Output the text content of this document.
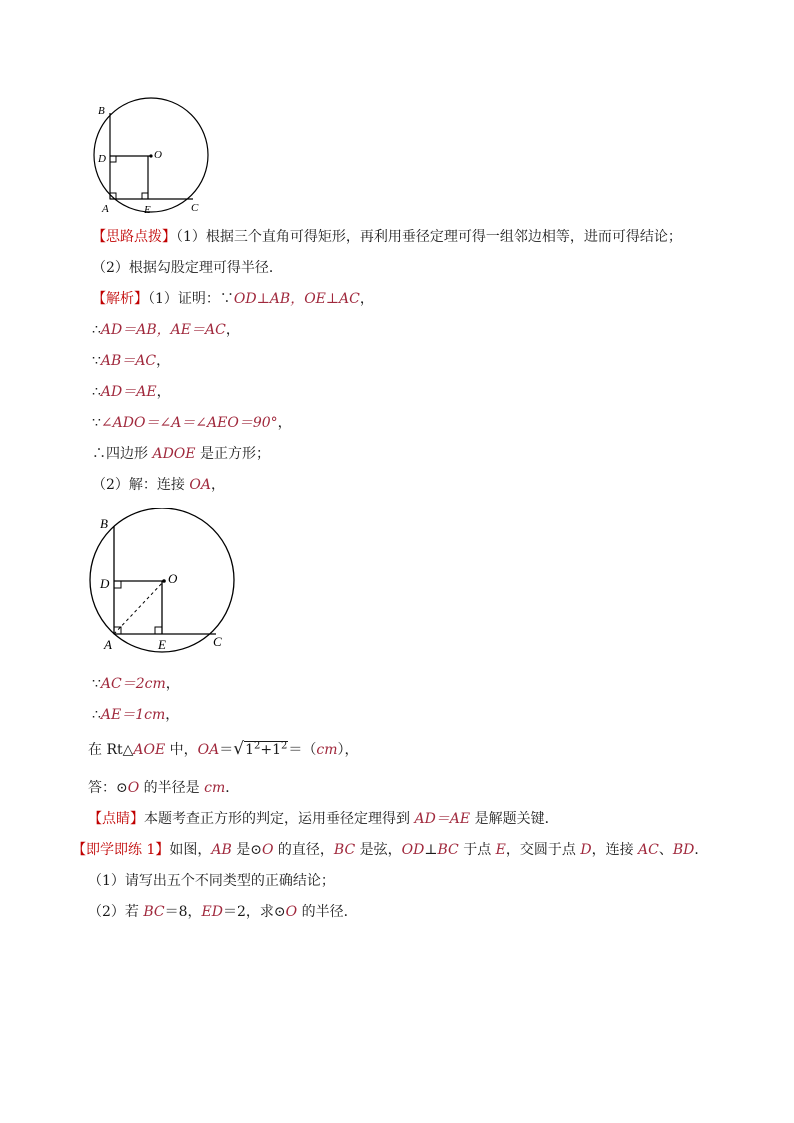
B
D	O
A	E	C
【思路点拨】（1）根据三个直角可得矩形，再利用垂径定理可得一组邻边相等，进而可得结论；
（2）根据勾股定理可得半径．
【解析】（1）证明：∵OD⊥AB，OE⊥AC，
∴AD＝AB，AE＝AC，
∵AB＝AC，
∴AD＝AE，
∵∠ADO＝∠A＝∠AEO＝90°，
∴四边形 ADOE 是正方形；
（2）解：连接 OA，
B
D	O
A	E	C
∵AC＝2cm，
∴AE＝1cm，
在 Rt△AOE 中，$OA=√1^2+1^2=(cm)$，
答：⊙O 的半径是 cm．
【点睛】本题考查正方形的判定，运用垂径定理得到 AD＝AE 是解题关键．
【即学即练 1】如图，AB 是⊙O 的直径，BC 是弦，OD⊥BC 于点 E，交圆于点 D，连接 AC、BD．
（1）请写出五个不同类型的正确结论；
（2）若 BC＝8，ED＝2，求⊙O 的半径．
